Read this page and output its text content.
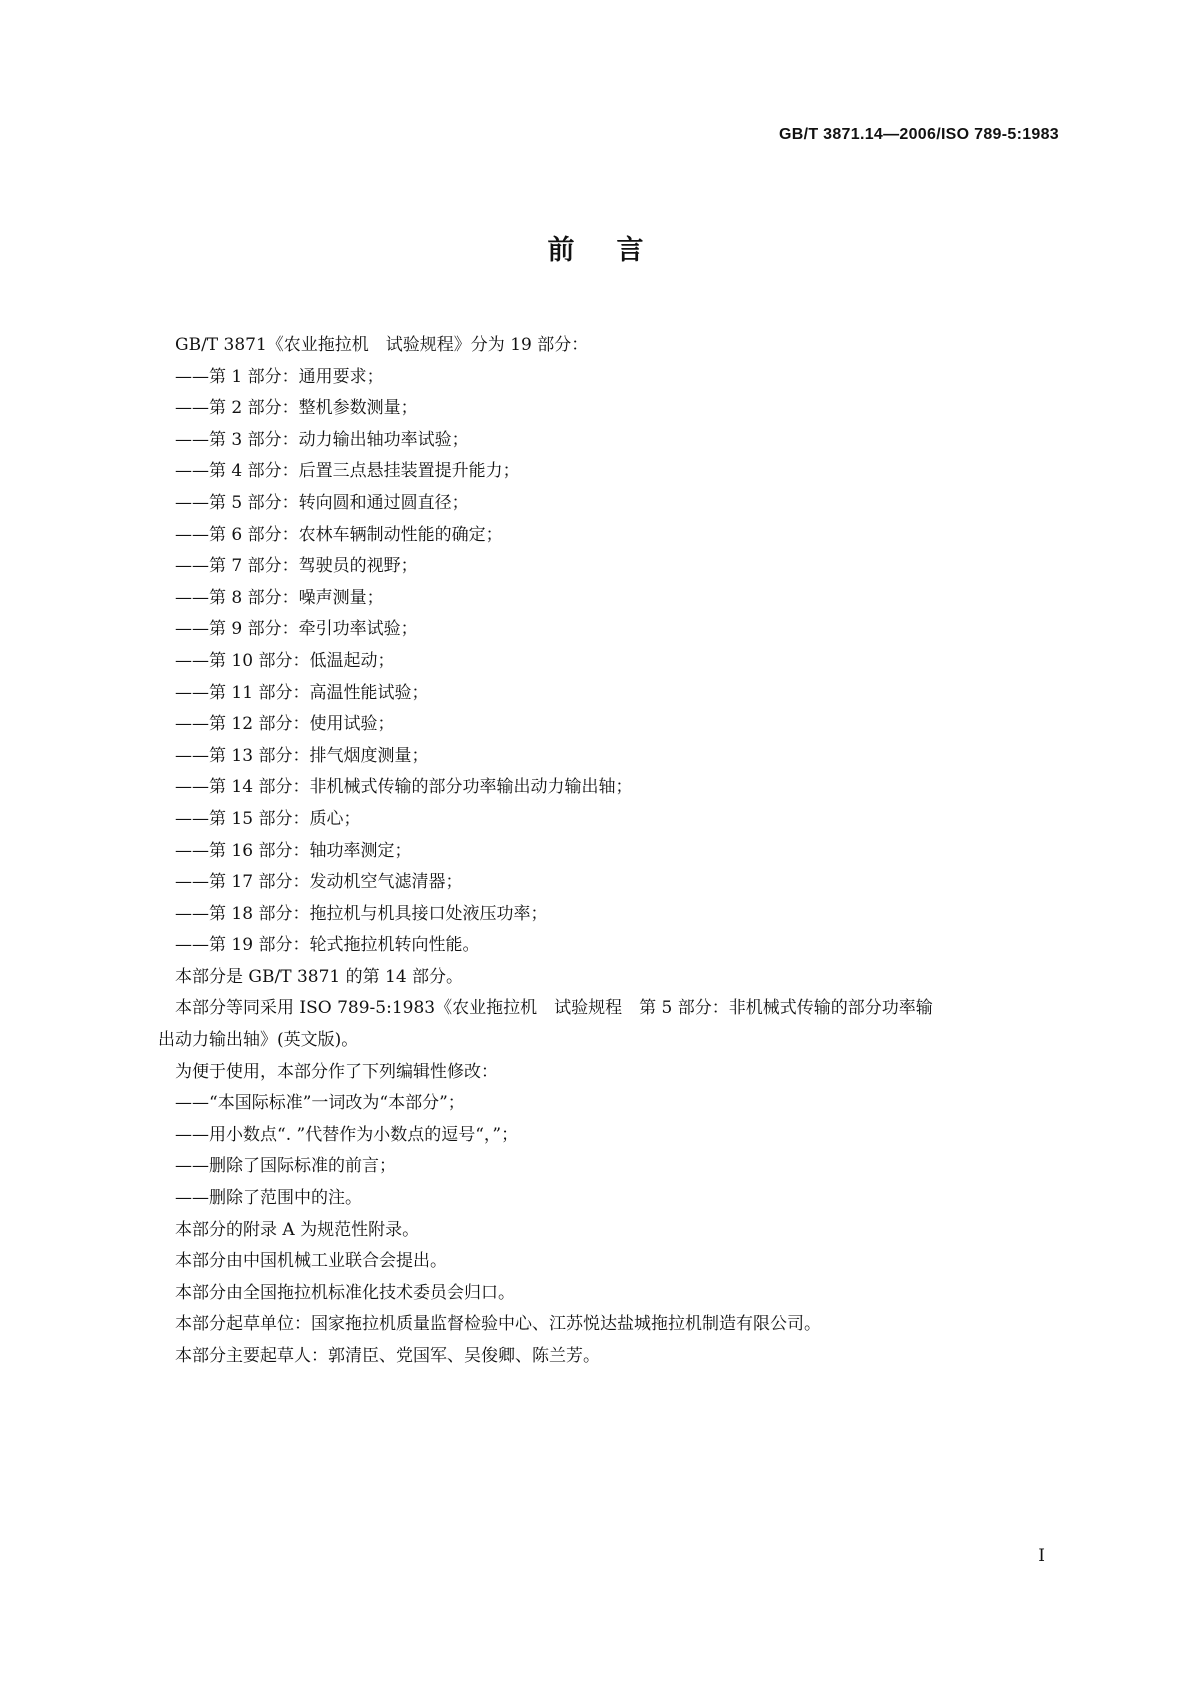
GB/T 3871.14—2006/ISO 789-5:1983
前言
GB/T 3871《农业拖拉机　试验规程》分为 19 部分：
——第 1 部分：通用要求；
——第 2 部分：整机参数测量；
——第 3 部分：动力输出轴功率试验；
——第 4 部分：后置三点悬挂装置提升能力；
——第 5 部分：转向圆和通过圆直径；
——第 6 部分：农林车辆制动性能的确定；
——第 7 部分：驾驶员的视野；
——第 8 部分：噪声测量；
——第 9 部分：牵引功率试验；
——第 10 部分：低温起动；
——第 11 部分：高温性能试验；
——第 12 部分：使用试验；
——第 13 部分：排气烟度测量；
——第 14 部分：非机械式传输的部分功率输出动力输出轴；
——第 15 部分：质心；
——第 16 部分：轴功率测定；
——第 17 部分：发动机空气滤清器；
——第 18 部分：拖拉机与机具接口处液压功率；
——第 19 部分：轮式拖拉机转向性能。
本部分是 GB/T 3871 的第 14 部分。
本部分等同采用 ISO 789-5:1983《农业拖拉机　试验规程　第 5 部分：非机械式传输的部分功率输
出动力输出轴》(英文版)。
为便于使用，本部分作了下列编辑性修改：
——“本国际标准”一词改为“本部分”；
——用小数点“. ”代替作为小数点的逗号“，”；
——删除了国际标准的前言；
——删除了范围中的注。
本部分的附录 A 为规范性附录。
本部分由中国机械工业联合会提出。
本部分由全国拖拉机标准化技术委员会归口。
本部分起草单位：国家拖拉机质量监督检验中心、江苏悦达盐城拖拉机制造有限公司。
本部分主要起草人：郭清臣、党国军、吴俊卿、陈兰芳。
I
